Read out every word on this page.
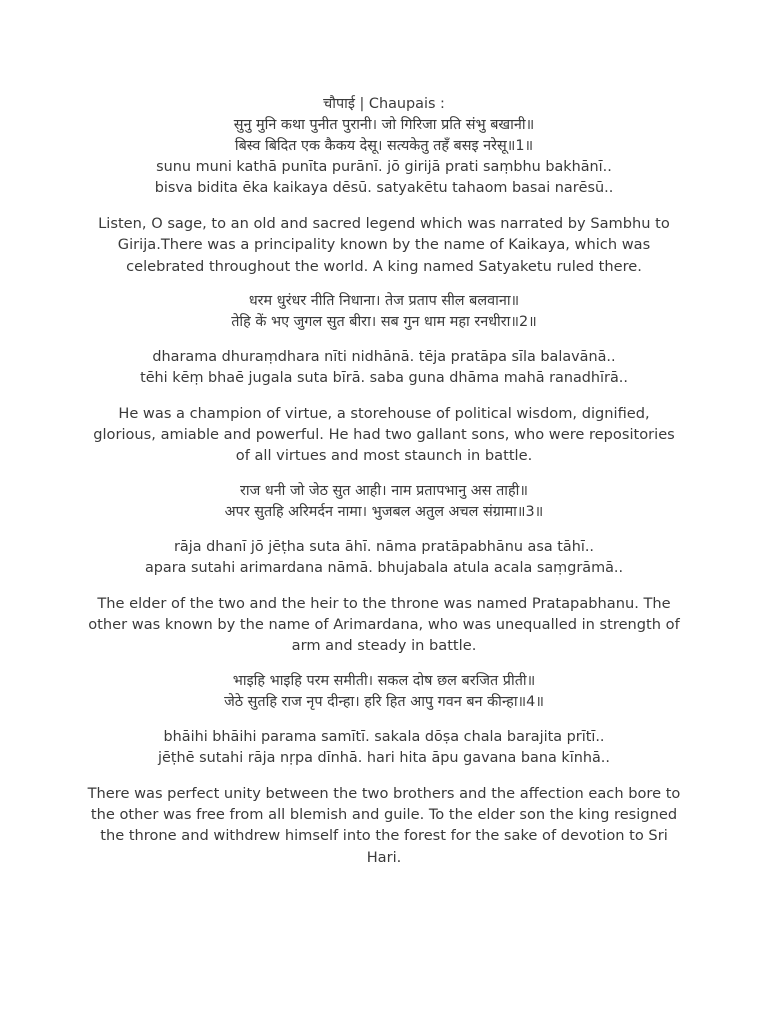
चौपाई | Chaupais :

सुनु मुनि कथा पुनीत पुरानी। जो गिरिजा प्रति संभु बखानी॥

बिस्व बिदित एक कैकय देसू। सत्यकेतु तहँ बसइ नरेसू॥1॥

sunu muni kathā punīta purānī. jō girijā prati saṃbhu bakhānī..

bisva bidita ēka kaikaya dēsū. satyakētu tahaom basai narēsū..

Listen, O sage, to an old and sacred legend which was narrated by Sambhu to Girija.There was a principality known by the name of Kaikaya, which was celebrated throughout the world. A king named Satyaketu ruled there.

धरम धुरंधर नीति निधाना। तेज प्रताप सील बलवाना॥

तेहि कें भए जुगल सुत बीरा। सब गुन धाम महा रनधीरा॥2॥

dharama dhuraṃdhara nīti nidhānā. tēja pratāpa sīla balavānā..

tēhi kēṃ bhaē jugala suta bīrā. saba guna dhāma mahā ranadhīrā..

He was a champion of virtue, a storehouse of political wisdom, dignified, glorious, amiable and powerful. He had two gallant sons, who were repositories of all virtues and most staunch in battle.

राज धनी जो जेठ सुत आही। नाम प्रतापभानु अस ताही॥

अपर सुतहि अरिमर्दन नामा। भुजबल अतुल अचल संग्रामा॥3॥

rāja dhanī jō jēṭha suta āhī. nāma pratāpabhānu asa tāhī..

apara sutahi arimardana nāmā. bhujabala atula acala saṃgrāmā..

The elder of the two and the heir to the throne was named Pratapabhanu. The other was known by the name of Arimardana, who was unequalled in strength of arm and steady in battle.

भाइहि भाइहि परम समीती। सकल दोष छल बरजित प्रीती॥

जेठे सुतहि राज नृप दीन्हा। हरि हित आपु गवन बन कीन्हा॥4॥

bhāihi bhāihi parama samītī. sakala dōṣa chala barajita prītī..

jēṭhē sutahi rāja nṛpa dīnhā. hari hita āpu gavana bana kīnhā..

There was perfect unity between the two brothers and the affection each bore to the other was free from all blemish and guile. To the elder son the king resigned the throne and withdrew himself into the forest for the sake of devotion to Sri Hari.
